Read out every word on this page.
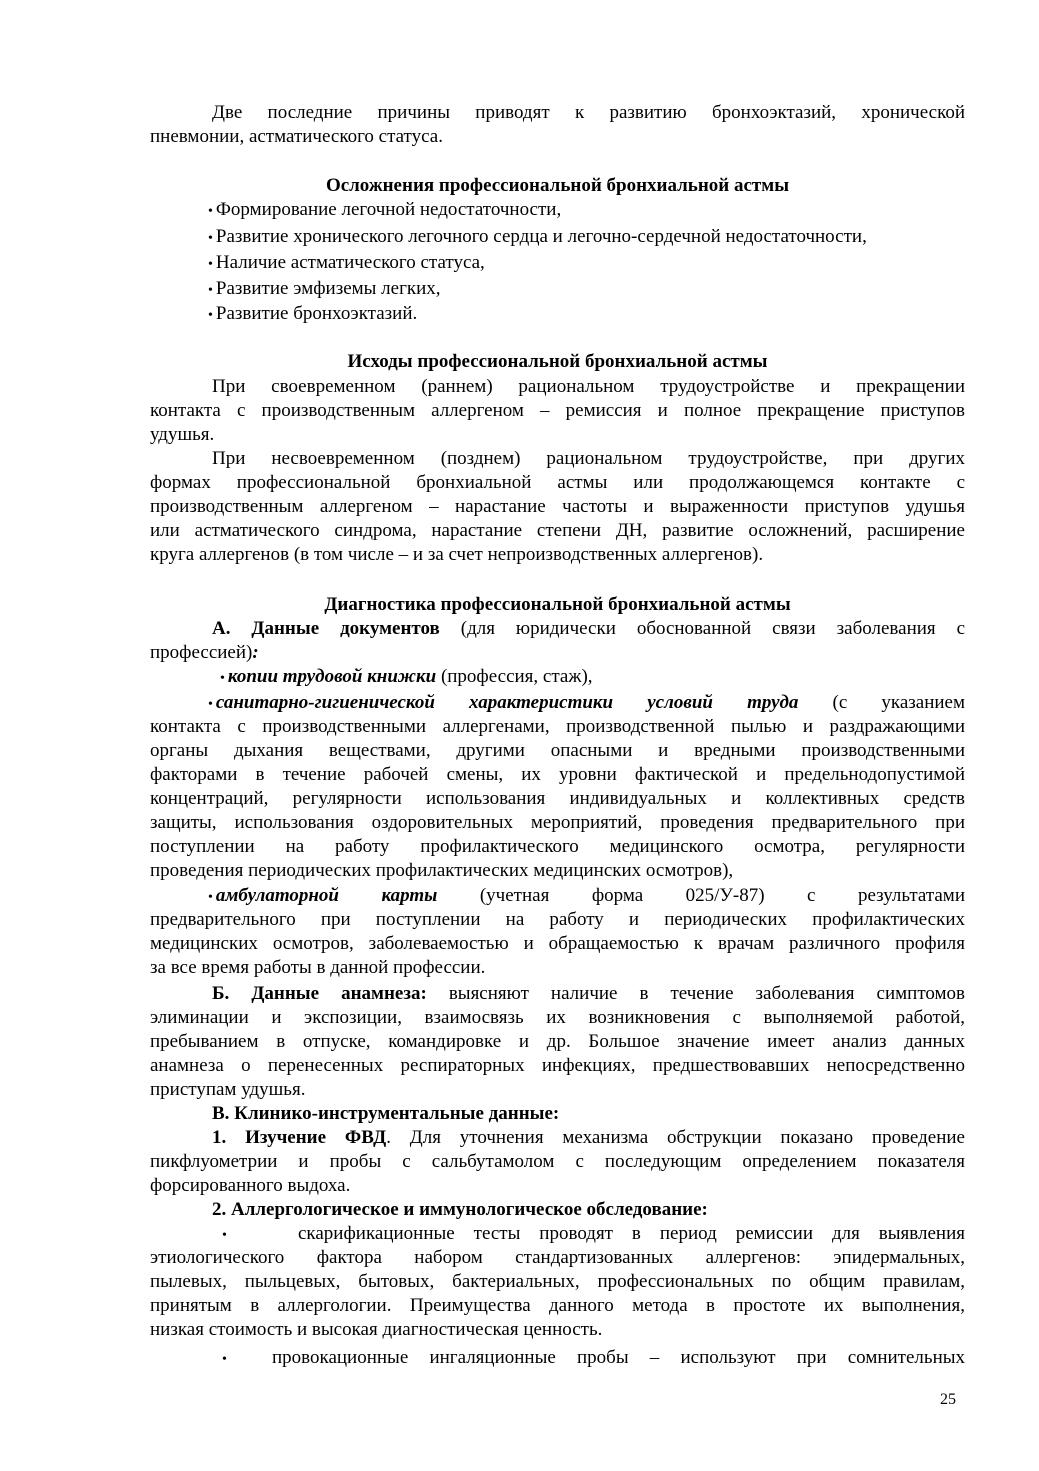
Две последние причины приводят к развитию бронхоэктазий, хронической
пневмонии, астматического статуса.
Осложнения профессиональной бронхиальной астмы
• Формирование легочной недостаточности,
• Развитие хронического легочного сердца и легочно-сердечной недостаточности,
• Наличие астматического статуса,
• Развитие эмфиземы легких,
• Развитие бронхоэктазий.
Исходы профессиональной бронхиальной астмы
При своевременном (раннем) рациональном трудоустройстве и прекращении
контакта с производственным аллергеном – ремиссия и полное прекращение приступов
удушья.
При несвоевременном (позднем) рациональном трудоустройстве, при других
формах профессиональной бронхиальной астмы или продолжающемся контакте с
производственным аллергеном – нарастание частоты и выраженности приступов удушья
или астматического синдрома, нарастание степени ДН, развитие осложнений, расширение
круга аллергенов (в том числе – и за счет непроизводственных аллергенов).
Диагностика профессиональной бронхиальной астмы
А. Данные документов (для юридически обоснованной связи заболевания с
профессией):
• копии трудовой книжки (профессия, стаж),
• санитарно-гигиенической характеристики условий труда (с указанием
контакта с производственными аллергенами, производственной пылью и раздражающими
органы дыхания веществами, другими опасными и вредными производственными
факторами в течение рабочей смены, их уровни фактической и предельнодопустимой
концентраций, регулярности использования индивидуальных и коллективных средств
защиты, использования оздоровительных мероприятий, проведения предварительного при
поступлении на работу профилактического медицинского осмотра, регулярности
проведения периодических профилактических медицинских осмотров),
• амбулаторной карты (учетная форма 025/У-87) с результатами
предварительного при поступлении на работу и периодических профилактических
медицинских осмотров, заболеваемостью и обращаемостью к врачам различного профиля
за все время работы в данной профессии.
Б. Данные анамнеза: выясняют наличие в течение заболевания симптомов
элиминации и экспозиции, взаимосвязь их возникновения с выполняемой работой,
пребыванием в отпуске, командировке и др. Большое значение имеет анализ данных
анамнеза о перенесенных респираторных инфекциях, предшествовавших непосредственно
приступам удушья.
В. Клинико-инструментальные данные:
1. Изучение ФВД. Для уточнения механизма обструкции показано проведение
пикфлуометрии и пробы с сальбутамолом с последующим определением показателя
форсированного выдоха.
2. Аллергологическое и иммунологическое обследование:
•	скарификационные тесты проводят в период ремиссии для выявления
этиологического фактора набором стандартизованных аллергенов: эпидермальных,
пылевых, пыльцевых, бытовых, бактериальных, профессиональных по общим правилам,
принятым в аллергологии. Преимущества данного метода в простоте их выполнения,
низкая стоимость и высокая диагностическая ценность.
•	провокационные ингаляционные пробы – используют при сомнительных
25
